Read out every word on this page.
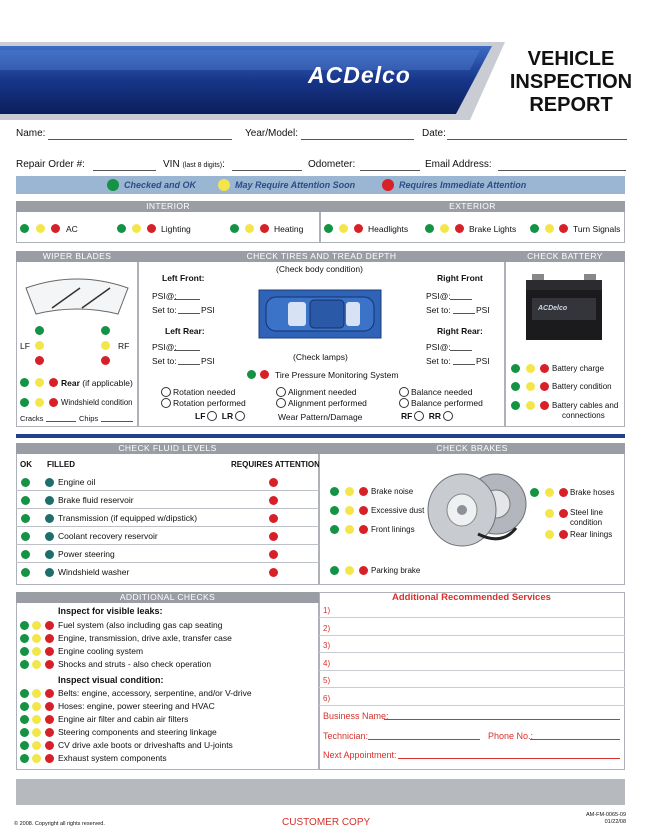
ACDelco
VEHICLE
INSPECTION
REPORT
Name:	Year/Model:	Date:
Repair Order #:	VIN (last 8 digits):	Odometer:	Email Address:
Checked and OK	May Require Attention Soon	Requires Immediate Attention
INTERIOR	EXTERIOR
AC	Lighting	Heating	Headlights	Brake Lights	Turn Signals
WIPER BLADES	CHECK TIRES AND TREAD DEPTH	CHECK BATTERY
LF	RF
Rear (if applicable)
Windshield condition
Cracks	Chips
(Check body condition)
Left Front:
PSI@:
Set to:	PSI
Left Rear:
PSI@:
Set to:	PSI
Right Front
PSI@:
Set to:	PSI
Right Rear:
PSI@:
Set to:	PSI
(Check lamps)
Tire Pressure Monitoring System
Rotation needed
Rotation performed
LF LR
Alignment needed
Alignment performed
Wear Pattern/Damage
Balance needed
Balance performed
RF RR
ACDelco
Battery charge
Battery condition
Battery cables and
connections
CHECK FLUID LEVELS
OK FILLED	REQUIRES ATTENTION
Engine oil
Brake fluid reservoir
Transmission (if equipped w/dipstick)
Coolant recovery reservoir
Power steering
Windshield washer
CHECK BRAKES
Brake noise
Excessive dust
Front linings
Parking brake
Brake hoses
Steel line
condition
Rear linings
ADDITIONAL CHECKS
Inspect for visible leaks:
Fuel system (also including gas cap seating
Engine, transmission, drive axle, transfer case
Engine cooling system
Shocks and struts - also check operation
Inspect visual condition:
Belts: engine, accessory, serpentine, and/or V-drive
Hoses: engine, power steering and HVAC
Engine air filter and cabin air filters
Steering components and steering linkage
CV drive axle boots or driveshafts and U-joints
Exhaust system components
Additional Recommended Services
1)
2)
3)
4)
5)
6)
Business Name:
Technician:	Phone No.:
Next Appointment:
© 2008. Copyright all rights reserved.	CUSTOMER COPY
AM-FM-0065-09
01/22/08
